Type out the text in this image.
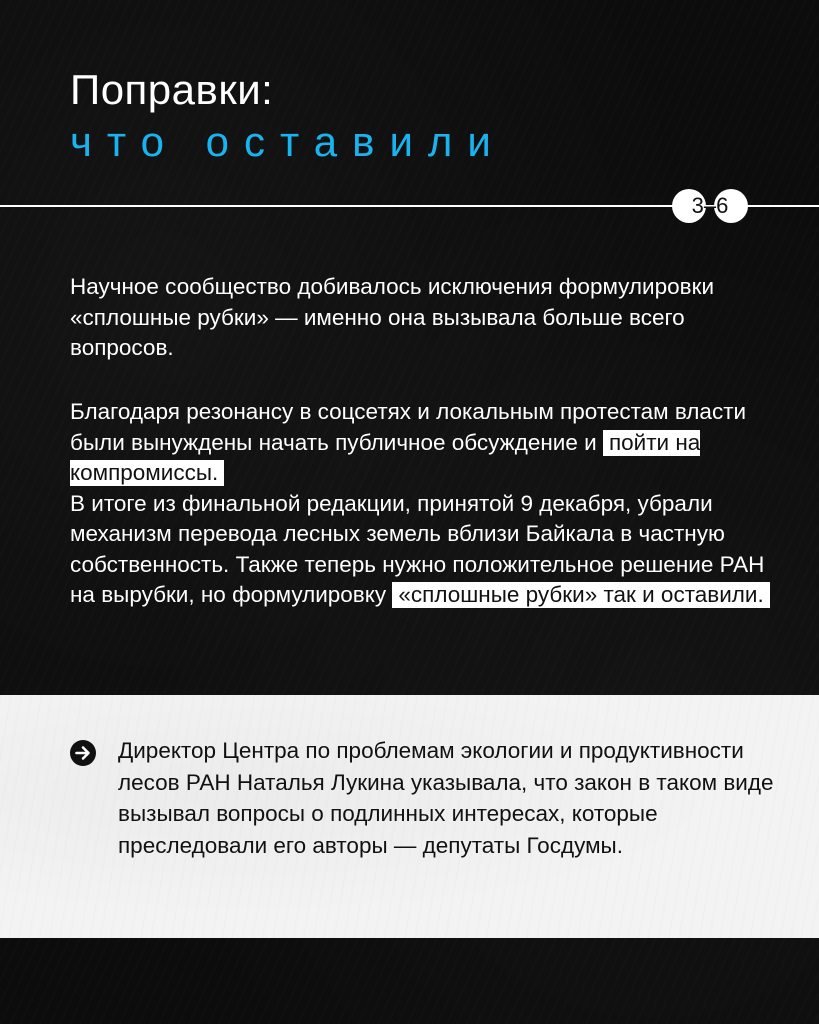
Поправки:
что оставили
3–6
Научное сообщество добивалось исключения формулировки «сплошные рубки» — именно она вызывала больше всего вопросов.
Благодаря резонансу в соцсетях и локальным протестам власти были вынуждены начать публичное обсуждение и пойти на компромиссы.
В итоге из финальной редакции, принятой 9 декабря, убрали механизм перевода лесных земель вблизи Байкала в частную собственность. Также теперь нужно положительное решение РАН на вырубки, но формулировку «сплошные рубки» так и оставили.
Директор Центра по проблемам экологии и продуктивности лесов РАН Наталья Лукина указывала, что закон в таком виде вызывал вопросы о подлинных интересах, которые преследовали его авторы — депутаты Госдумы.
